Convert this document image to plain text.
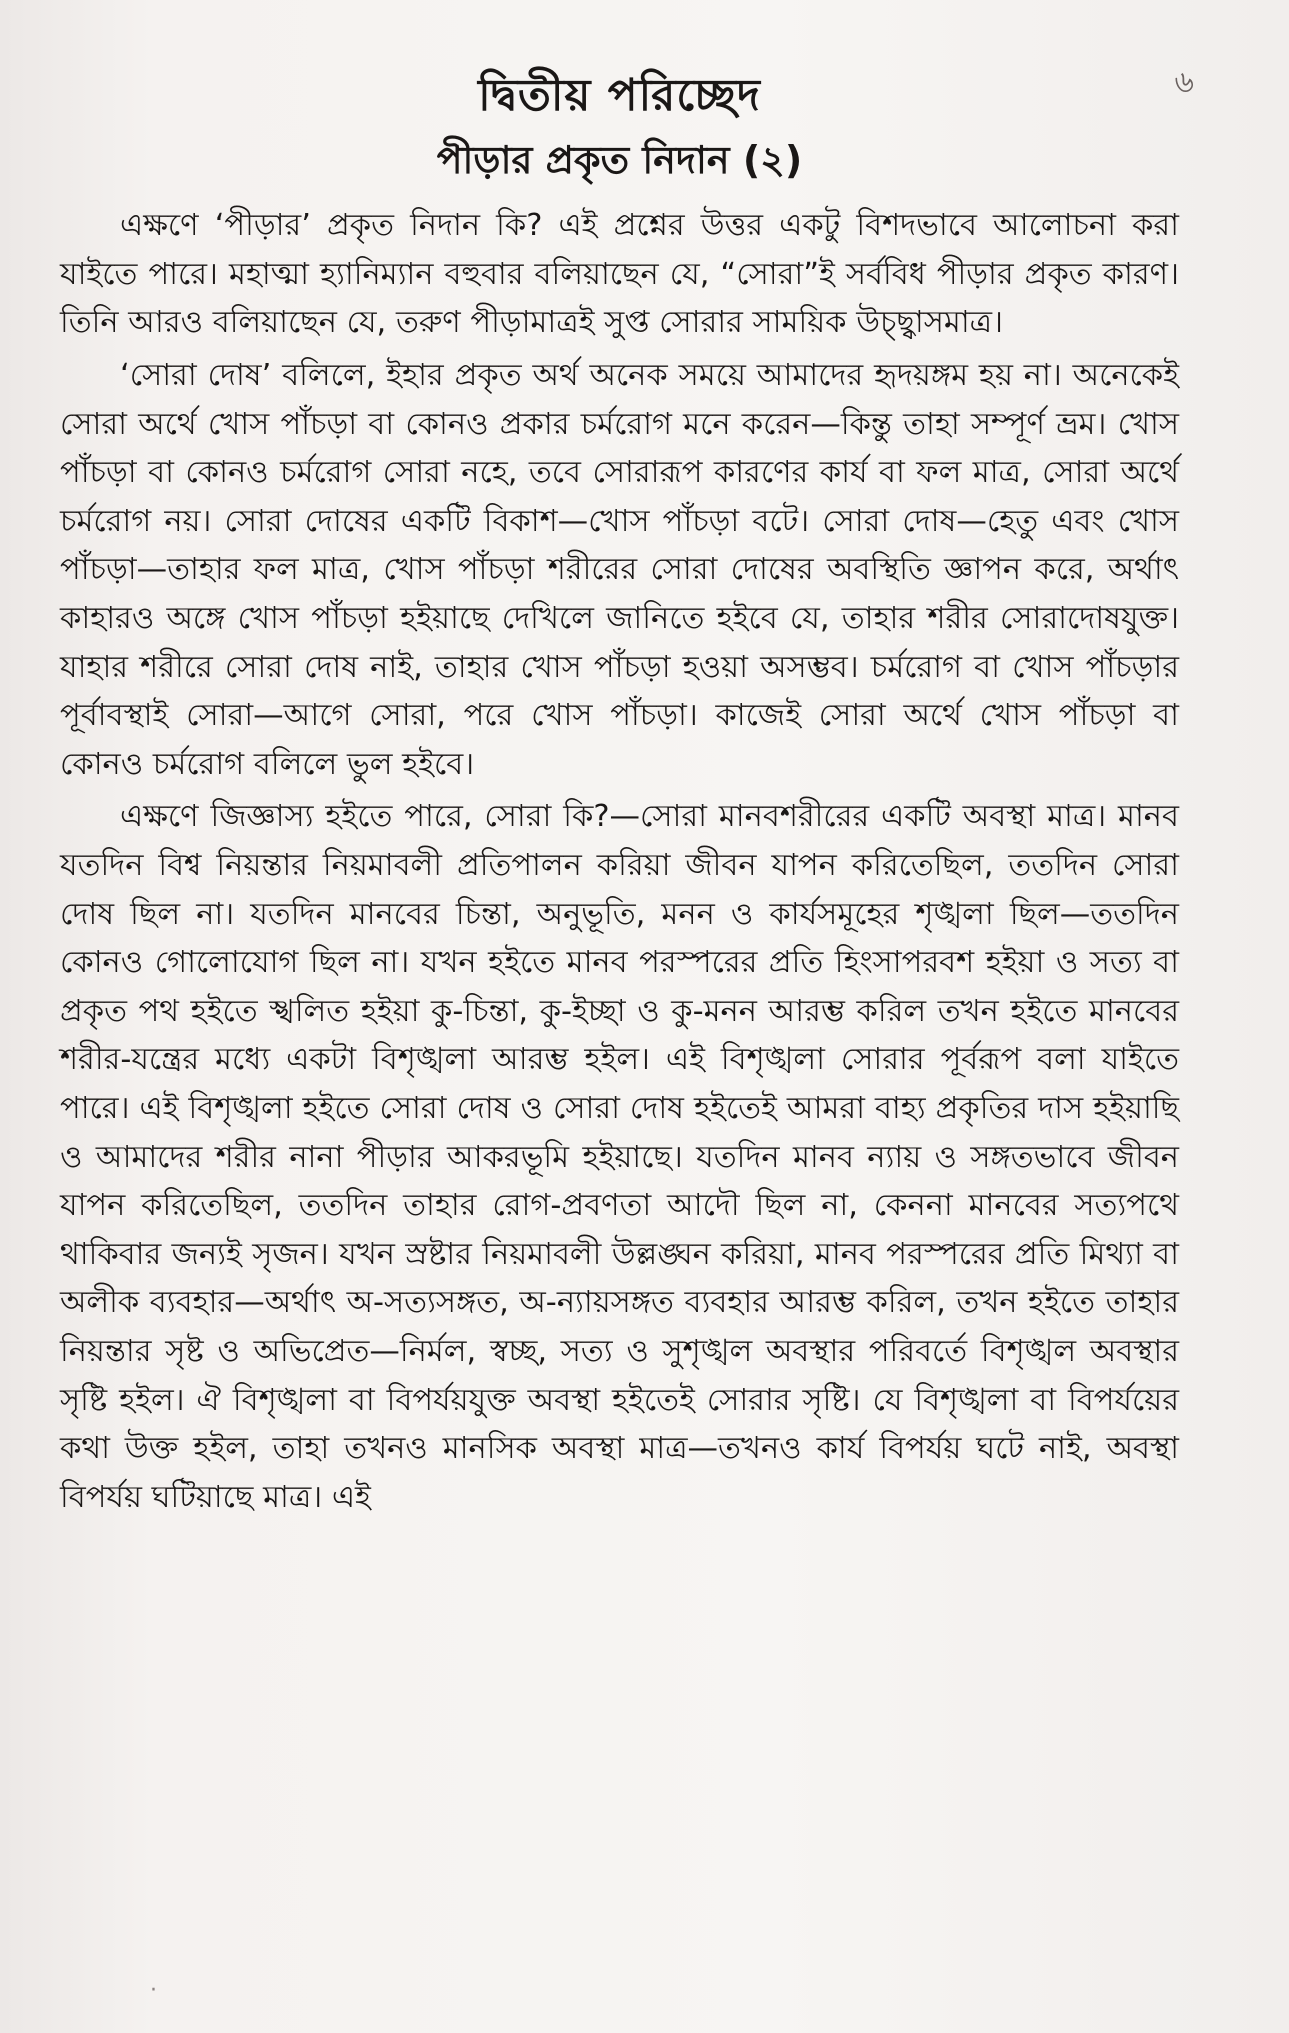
৬
দ্বিতীয় পরিচ্ছেদ
পীড়ার প্রকৃত নিদান (২)

এক্ষণে ‘পীড়ার’ প্রকৃত নিদান কি? এই প্রশ্নের উত্তর একটু বিশদভাবে আলোচনা করা যাইতে পারে। মহাত্মা হ্যানিম্যান বহুবার বলিয়াছেন যে, “সোরা”ই সর্ববিধ পীড়ার প্রকৃত কারণ। তিনি আরও বলিয়াছেন যে, তরুণ পীড়ামাত্রই সুপ্ত সোরার সাময়িক উচ্ছ্বাসমাত্র।

‘সোরা দোষ’ বলিলে, ইহার প্রকৃত অর্থ অনেক সময়ে আমাদের হৃদয়ঙ্গম হয় না। অনেকেই সোরা অর্থে খোস পাঁচড়া বা কোনও প্রকার চর্মরোগ মনে করেন—কিন্তু তাহা সম্পূর্ণ ভ্রম। খোস পাঁচড়া বা কোনও চর্মরোগ সোরা নহে, তবে সোরারূপ কারণের কার্য বা ফল মাত্র, সোরা অর্থে চর্মরোগ নয়। সোরা দোষের একটি বিকাশ—খোস পাঁচড়া বটে। সোরা দোষ—হেতু এবং খোস পাঁচড়া—তাহার ফল মাত্র, খোস পাঁচড়া শরীরের সোরা দোষের অবস্থিতি জ্ঞাপন করে, অর্থাৎ কাহারও অঙ্গে খোস পাঁচড়া হইয়াছে দেখিলে জানিতে হইবে যে, তাহার শরীর সোরাদোষযুক্ত। যাহার শরীরে সোরা দোষ নাই, তাহার খোস পাঁচড়া হওয়া অসম্ভব। চর্মরোগ বা খোস পাঁচড়ার পূর্বাবস্থাই সোরা—আগে সোরা, পরে খোস পাঁচড়া। কাজেই সোরা অর্থে খোস পাঁচড়া বা কোনও চর্মরোগ বলিলে ভুল হইবে।

এক্ষণে জিজ্ঞাস্য হইতে পারে, সোরা কি?—সোরা মানবশরীরের একটি অবস্থা মাত্র। মানব যতদিন বিশ্ব নিয়ন্তার নিয়মাবলী প্রতিপালন করিয়া জীবন যাপন করিতেছিল, ততদিন সোরা দোষ ছিল না। যতদিন মানবের চিন্তা, অনুভূতি, মনন ও কার্যসমূহের শৃঙ্খলা ছিল—ততদিন কোনও গোলোযোগ ছিল না। যখন হইতে মানব পরস্পরের প্রতি হিংসাপরবশ হইয়া ও সত্য বা প্রকৃত পথ হইতে স্খলিত হইয়া কু-চিন্তা, কু-ইচ্ছা ও কু-মনন আরম্ভ করিল তখন হইতে মানবের শরীর-যন্ত্রের মধ্যে একটা বিশৃঙ্খলা আরম্ভ হইল। এই বিশৃঙ্খলা সোরার পূর্বরূপ বলা যাইতে পারে। এই বিশৃঙ্খলা হইতে সোরা দোষ ও সোরা দোষ হইতেই আমরা বাহ্য প্রকৃতির দাস হইয়াছি ও আমাদের শরীর নানা পীড়ার আকরভূমি হইয়াছে। যতদিন মানব ন্যায় ও সঙ্গতভাবে জীবন যাপন করিতেছিল, ততদিন তাহার রোগ-প্রবণতা আদৌ ছিল না, কেননা মানবের সত্যপথে থাকিবার জন্যই সৃজন। যখন স্রষ্টার নিয়মাবলী উল্লঙ্ঘন করিয়া, মানব পরস্পরের প্রতি মিথ্যা বা অলীক ব্যবহার—অর্থাৎ অ-সত্যসঙ্গত, অ-ন্যায়সঙ্গত ব্যবহার আরম্ভ করিল, তখন হইতে তাহার নিয়ন্তার সৃষ্ট ও অভিপ্রেত—নির্মল, স্বচ্ছ, সত্য ও সুশৃঙ্খল অবস্থার পরিবর্তে বিশৃঙ্খল অবস্থার সৃষ্টি হইল। ঐ বিশৃঙ্খলা বা বিপর্যয়যুক্ত অবস্থা হইতেই সোরার সৃষ্টি। যে বিশৃঙ্খলা বা বিপর্যয়ের কথা উক্ত হইল, তাহা তখনও মানসিক অবস্থা মাত্র—তখনও কার্য বিপর্যয় ঘটে নাই, অবস্থা বিপর্যয় ঘটিয়াছে মাত্র। এই

·
